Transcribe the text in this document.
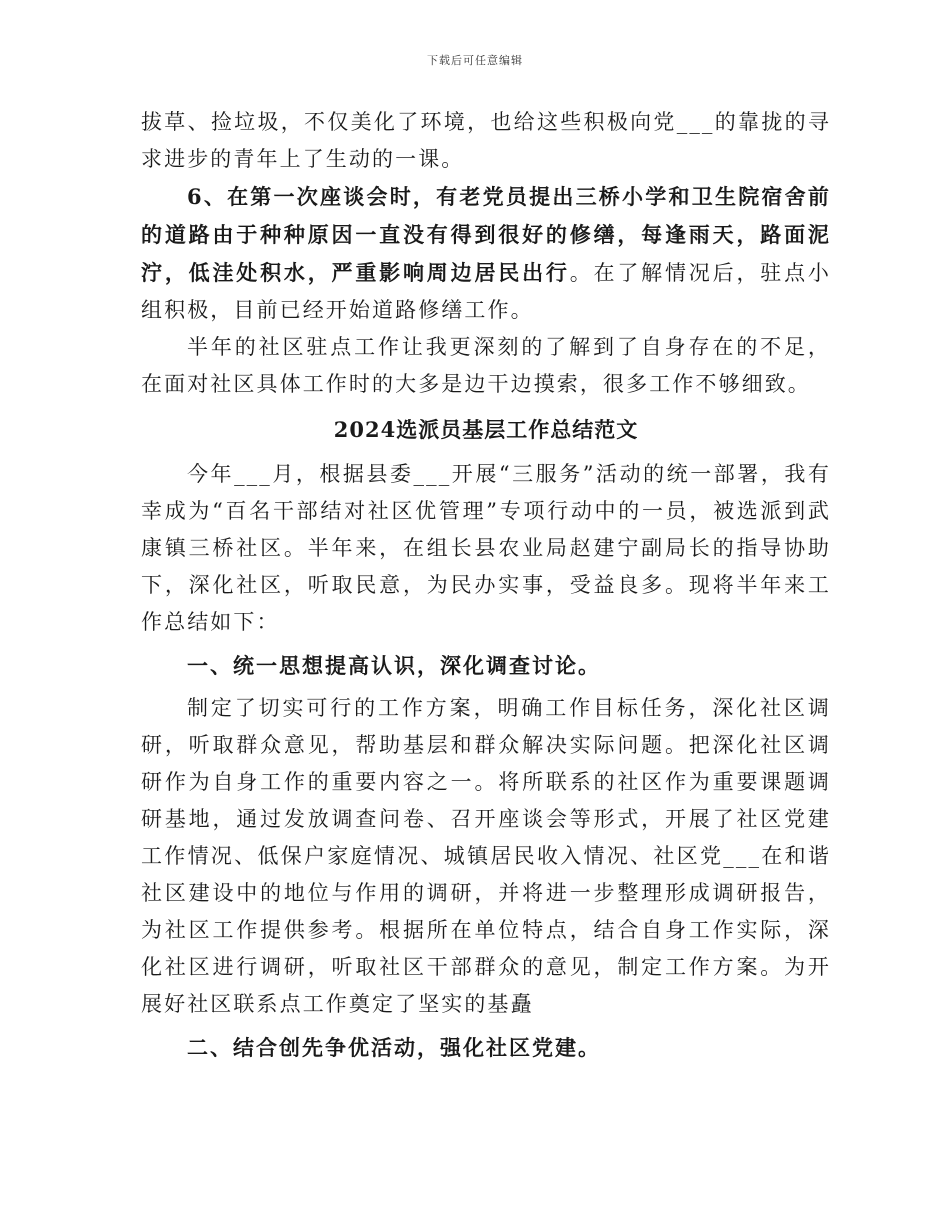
下载后可任意编辑

拔草、捡垃圾，不仅美化了环境，也给这些积极向党___的靠拢的寻求进步的青年上了生动的一课。

6、在第一次座谈会时，有老党员提出三桥小学和卫生院宿舍前的道路由于种种原因一直没有得到很好的修缮，每逢雨天，路面泥泞，低洼处积水，严重影响周边居民出行。在了解情况后，驻点小组积极，目前已经开始道路修缮工作。

半年的社区驻点工作让我更深刻的了解到了自身存在的不足，在面对社区具体工作时的大多是边干边摸索，很多工作不够细致。

2024选派员基层工作总结范文

今年___月，根据县委___开展“三服务”活动的统一部署，我有幸成为“百名干部结对社区优管理”专项行动中的一员，被选派到武康镇三桥社区。半年来，在组长县农业局赵建宁副局长的指导协助下，深化社区，听取民意，为民办实事，受益良多。现将半年来工作总结如下：

一、统一思想提高认识，深化调查讨论。

制定了切实可行的工作方案，明确工作目标任务，深化社区调研，听取群众意见，帮助基层和群众解决实际问题。把深化社区调研作为自身工作的重要内容之一。将所联系的社区作为重要课题调研基地，通过发放调查问卷、召开座谈会等形式，开展了社区党建工作情况、低保户家庭情况、城镇居民收入情况、社区党___在和谐社区建设中的地位与作用的调研，并将进一步整理形成调研报告，为社区工作提供参考。根据所在单位特点，结合自身工作实际，深化社区进行调研，听取社区干部群众的意见，制定工作方案。为开展好社区联系点工作奠定了坚实的基矗

二、结合创先争优活动，强化社区党建。
